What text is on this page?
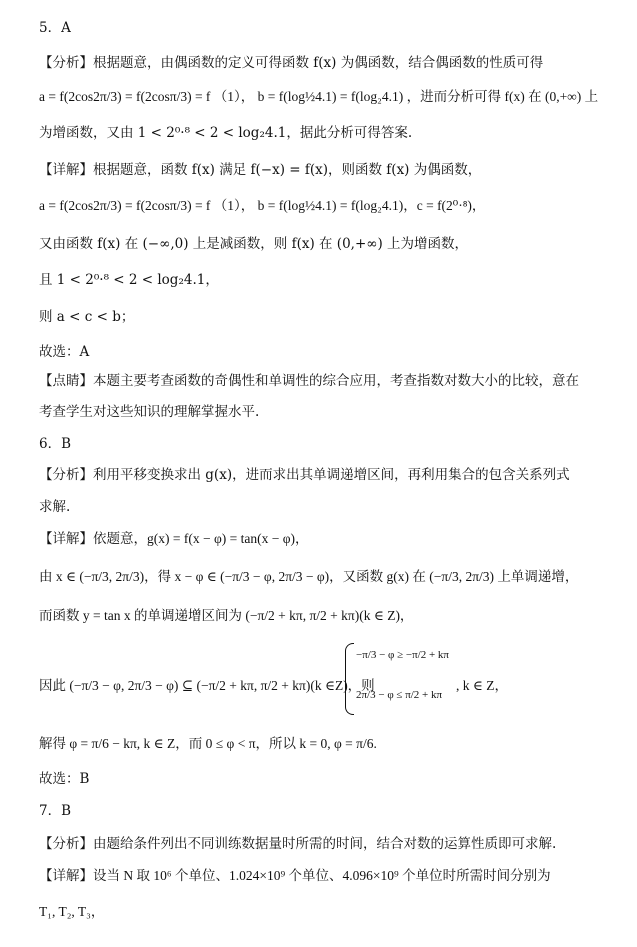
5．A
【分析】根据题意，由偶函数的定义可得函数 f(x) 为偶函数，结合偶函数的性质可得
a = f(2cos2π/3) = f(2cosπ/3) = f （1）， b = f(log½4.1) = f(log₂4.1) ，进而分析可得 f(x) 在 (0,+∞) 上
为增函数，又由 1 < 2⁰·⁸ < 2 < log₂4.1，据此分析可得答案.
【详解】根据题意，函数 f(x) 满足 f(−x) = f(x)，则函数 f(x) 为偶函数，
a = f(2cos2π/3) = f(2cosπ/3) = f （1）， b = f(log½4.1) = f(log₂4.1)，c = f(2⁰·⁸)，
又由函数 f(x) 在 (−∞,0) 上是减函数，则 f(x) 在 (0,+∞) 上为增函数，
且 1 < 2⁰·⁸ < 2 < log₂4.1，
则 a < c < b；
故选：A
【点睛】本题主要考查函数的奇偶性和单调性的综合应用，考查指数对数大小的比较，意在
考查学生对这些知识的理解掌握水平.
6．B
【分析】利用平移变换求出 g(x)，进而求出其单调递增区间，再利用集合的包含关系列式
求解.
【详解】依题意，g(x) = f(x − φ) = tan(x − φ)，
由 x ∈ (−π/3, 2π/3)，得 x − φ ∈ (−π/3 − φ, 2π/3 − φ)，又函数 g(x) 在 (−π/3, 2π/3) 上单调递增，
而函数 y = tan x 的单调递增区间为 (−π/2 + kπ, π/2 + kπ)(k ∈ Z)，
因此 (−π/3 − φ, 2π/3 − φ) ⊆ (−π/2 + kπ, π/2 + kπ)(k ∈Z)，则
−π/3 − φ ≥ −π/2 + kπ
2π/3 − φ ≤ π/2 + kπ
, k ∈ Z，
解得 φ = π/6 − kπ, k ∈ Z，而 0 ≤ φ < π，所以 k = 0, φ = π/6.
故选：B
7．B
【分析】由题给条件列出不同训练数据量时所需的时间，结合对数的运算性质即可求解.
【详解】设当 N 取 10⁶ 个单位、1.024×10⁹ 个单位、4.096×10⁹ 个单位时所需时间分别为
T₁, T₂, T₃，
